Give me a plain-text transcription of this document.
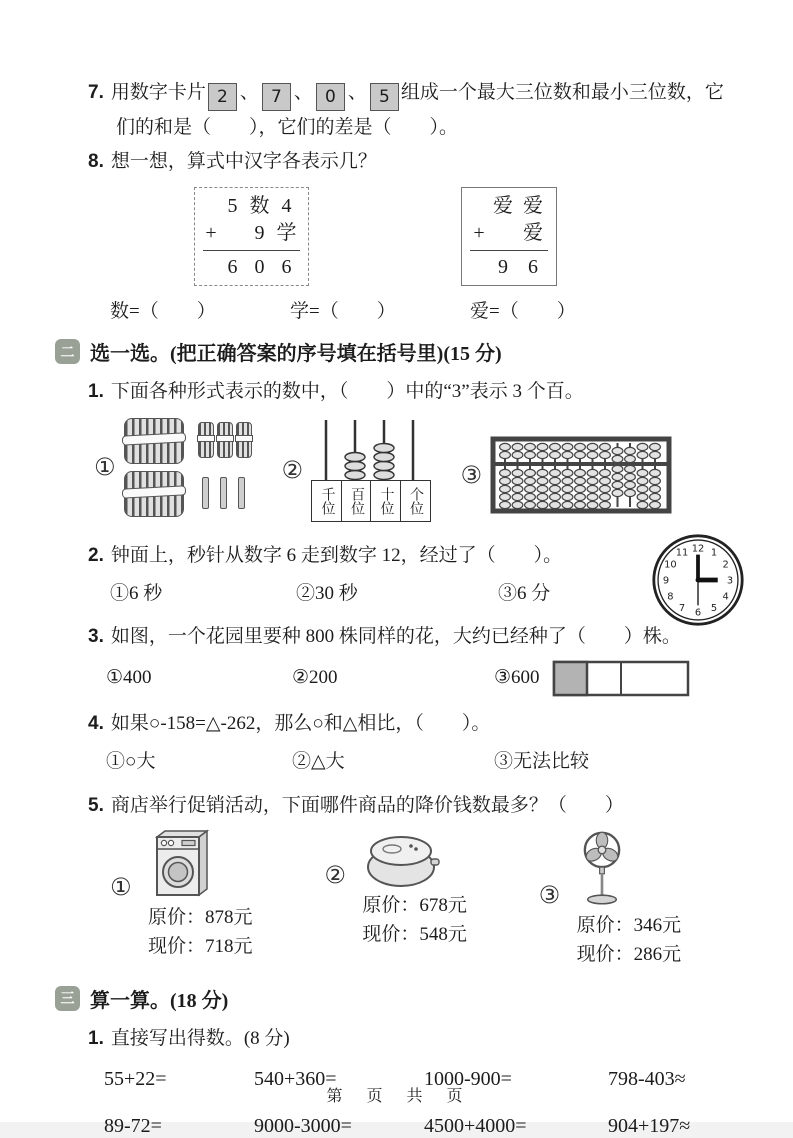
7. 用数字卡片 2 、 7 、 0 、 5 组成一个最大三位数和最小三位数，它
们的和是（　　），它们的差是（　　）。
8. 想一想，算式中汉字各表示几？
5 数 4
+	9 学
6 0 6
爱 爱
+ 爱
9	6
数=（　　）	学=（　　）	爱=（　　）
二 选一选。(把正确答案的序号填在括号里)(15 分)
1. 下面各种形式表示的数中，（　　）中的“3”表示 3 个百。
①	②
千位	百位	十位	个位
③
2. 钟面上，秒针从数字 6 走到数字 12，经过了（　　）。
①6 秒	②30 秒	③6 分
12 1
2
3
4
5
6
7
8
9
10
11
3. 如图，一个花园里要种 800 株同样的花，大约已经种了（　　）株。
①400	②200	③600
4. 如果○-158=△-262，那么○和△相比，（　　）。
①○大	②△大	③无法比较
5. 商店举行促销活动，下面哪件商品的降价钱数最多？（　　）
①
原价：878元
现价：718元
②
原价：678元
现价：548元
③
原价：346元
现价：286元
三 算一算。(18 分)
1. 直接写出得数。(8 分)
55+22=	540+360=	1000-900=	798-403≈
89-72=	9000-3000=	4500+4000=	904+197≈
第　页　共　页
